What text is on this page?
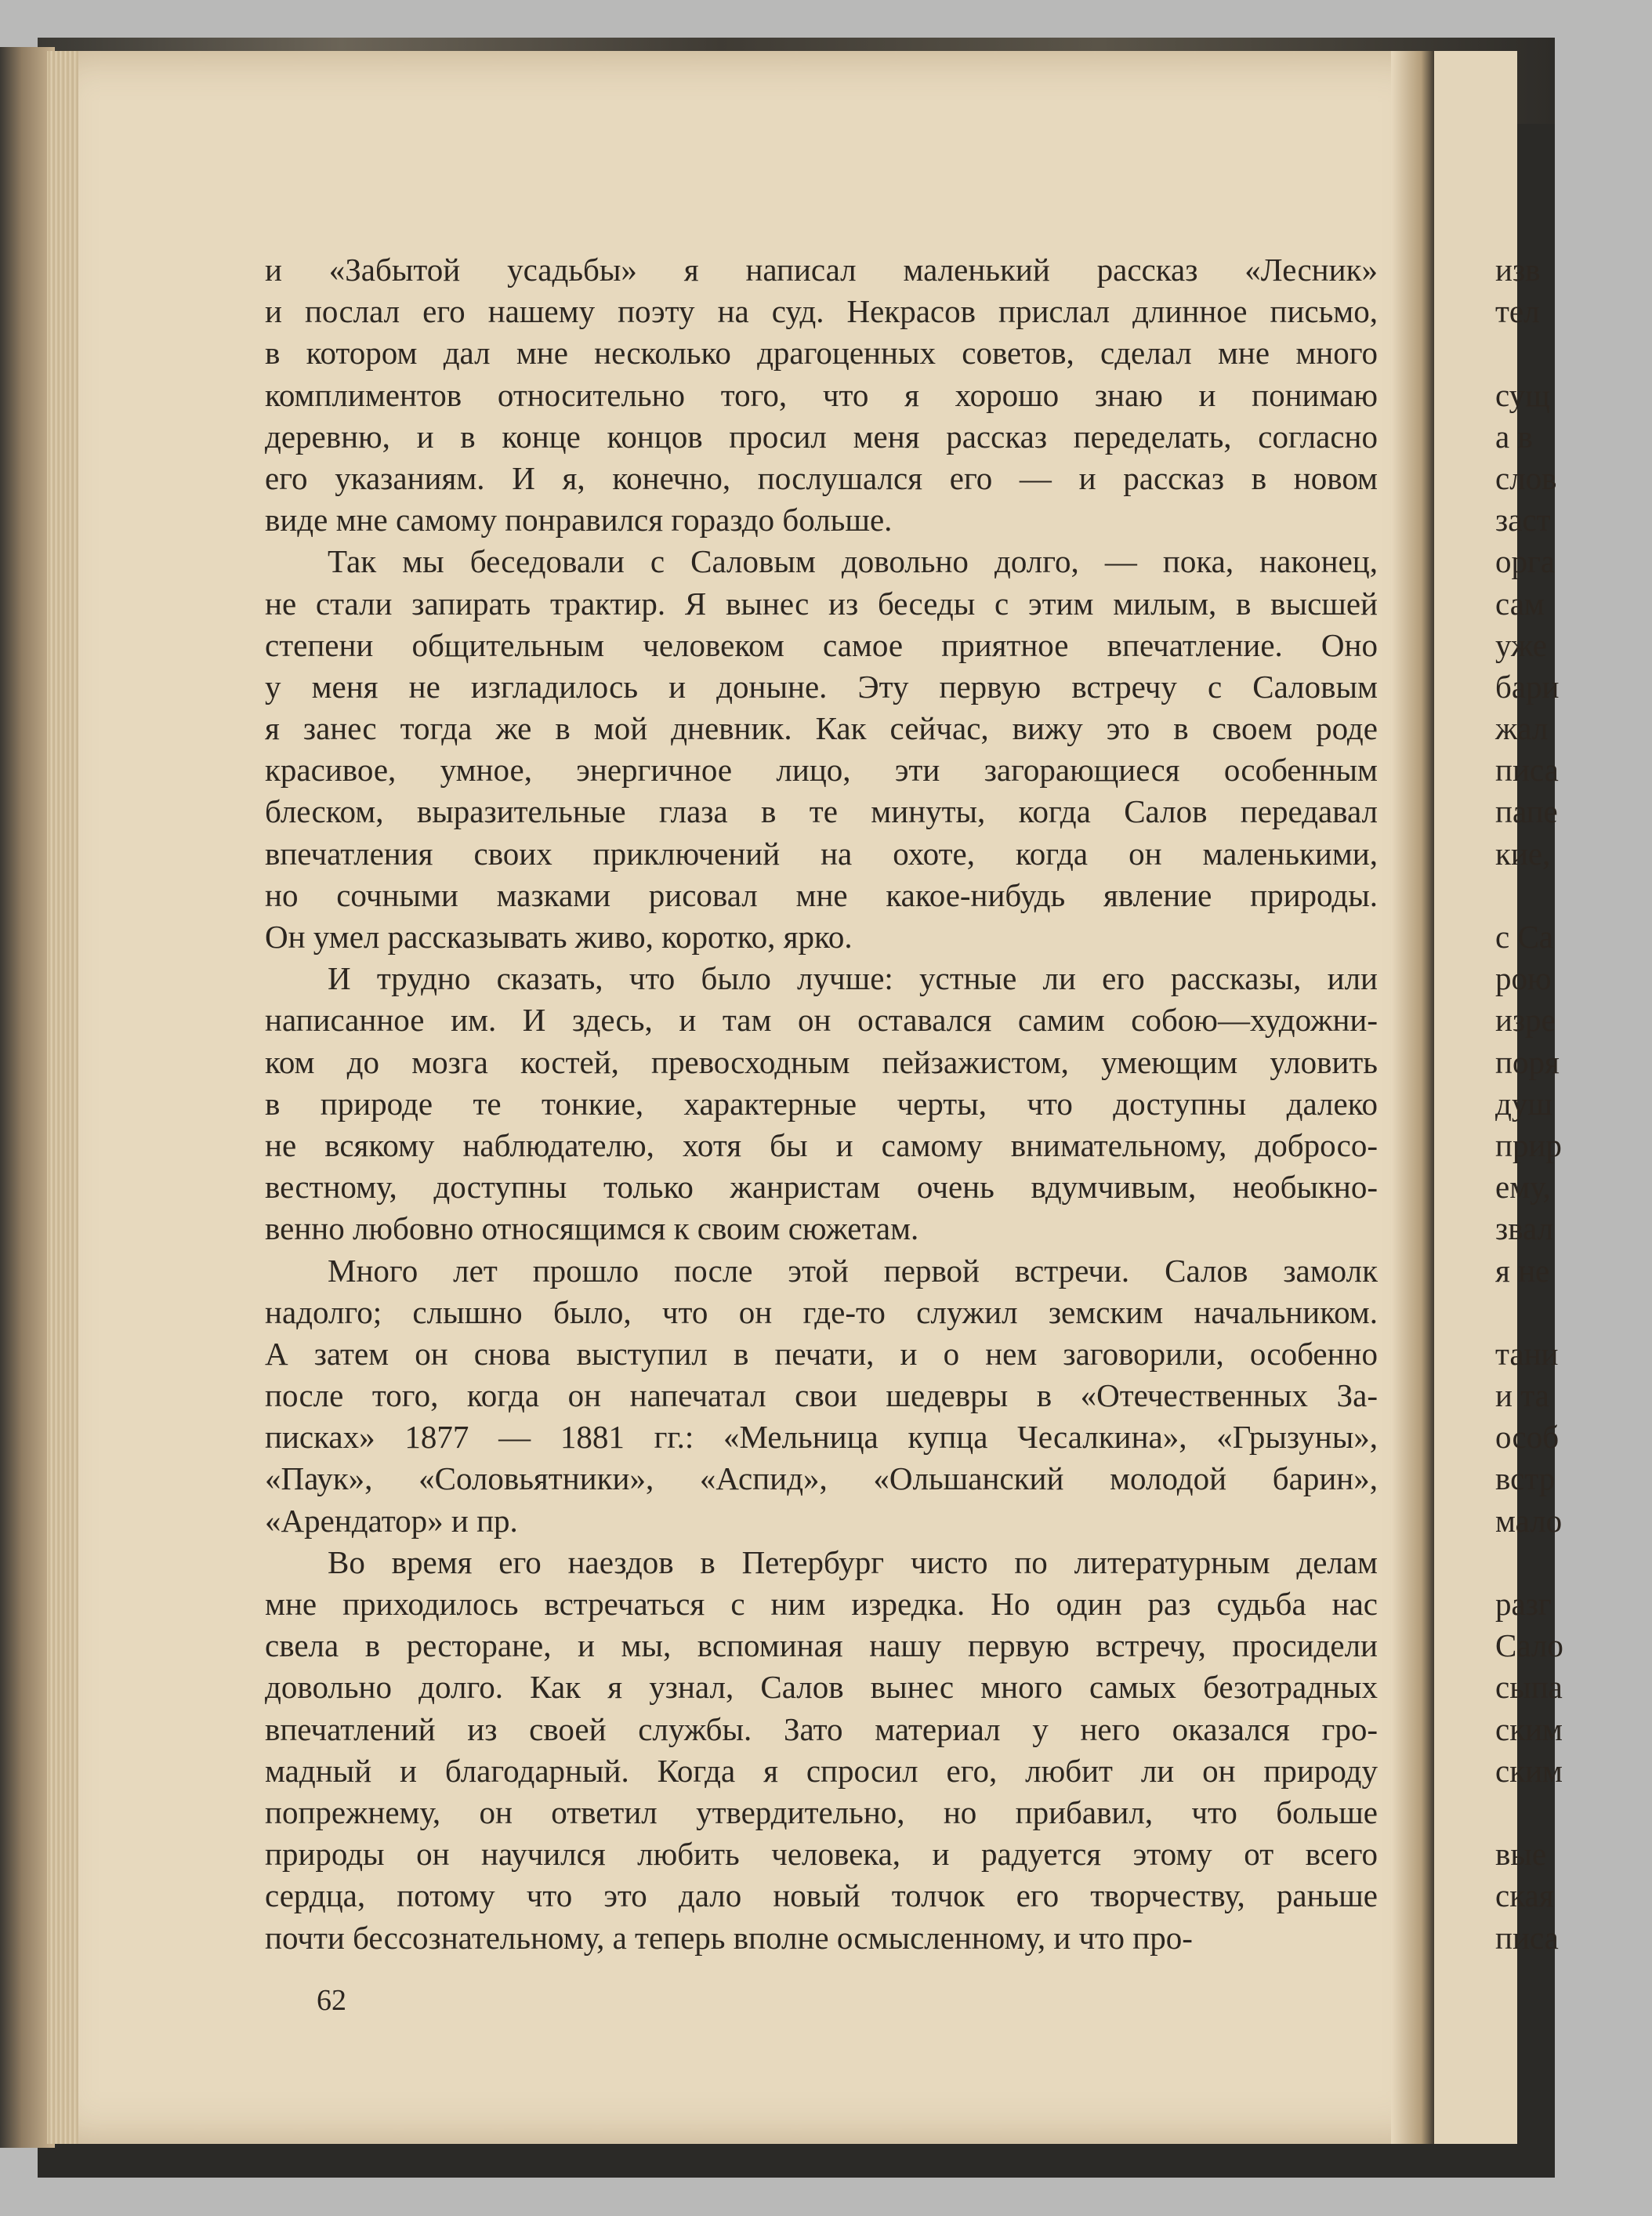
и «Забытой усадьбы» я написал маленький рассказ «Лесник»
и послал его нашему поэту на суд. Некрасов прислал длинное письмо,
в котором дал мне несколько драгоценных советов, сделал мне много
комплиментов относительно того, что я хорошо знаю и понимаю
деревню, и в конце концов просил меня рассказ переделать, согласно
его указаниям. И я, конечно, послушался его — и рассказ в новом
виде мне самому понравился гораздо больше.
Так мы беседовали с Саловым довольно долго, — пока, наконец,
не стали запирать трактир. Я вынес из беседы с этим милым, в высшей
степени общительным человеком самое приятное впечатление. Оно
у меня не изгладилось и доныне. Эту первую встречу с Саловым
я занес тогда же в мой дневник. Как сейчас, вижу это в своем роде
красивое, умное, энергичное лицо, эти загорающиеся особенным
блеском, выразительные глаза в те минуты, когда Салов передавал
впечатления своих приключений на охоте, когда он маленькими,
но сочными мазками рисовал мне какое-нибудь явление природы.
Он умел рассказывать живо, коротко, ярко.
И трудно сказать, что было лучше: устные ли его рассказы, или
написанное им. И здесь, и там он оставался самим собою—художни-
ком до мозга костей, превосходным пейзажистом, умеющим уловить
в природе те тонкие, характерные черты, что доступны далеко
не всякому наблюдателю, хотя бы и самому внимательному, добросо-
вестному, доступны только жанристам очень вдумчивым, необыкно-
венно любовно относящимся к своим сюжетам.
Много лет прошло после этой первой встречи. Салов замолк
надолго; слышно было, что он где-то служил земским начальником.
А затем он снова выступил в печати, и о нем заговорили, особенно
после того, когда он напечатал свои шедевры в «Отечественных За-
писках» 1877 — 1881 гг.: «Мельница купца Чесалкина», «Грызуны»,
«Паук», «Соловьятники», «Аспид», «Ольшанский молодой барин»,
«Арендатор» и пр.
Во время его наездов в Петербург чисто по литературным делам
мне приходилось встречаться с ним изредка. Но один раз судьба нас
свела в ресторане, и мы, вспоминая нашу первую встречу, просидели
довольно долго. Как я узнал, Салов вынес много самых безотрадных
впечатлений из своей службы. Зато материал у него оказался гро-
мадный и благодарный. Когда я спросил его, любит ли он природу
попрежнему, он ответил утвердительно, но прибавил, что больше
природы он научился любить человека, и радуется этому от всего
сердца, потому что это дало новый толчок его творчеству, раньше
почти бессознательному, а теперь вполне осмысленному, и что про-
62
изв
тел
сущ
а в
слов
заст
орга
сам
уже
бари
жал
писа
папе
кие,
с Са
рою
изре
поря
душ
прир
ему,
звал
я не
тани
и та
особ
встр
мало
разг
Сало
сыпа
ским
ским
вые
ская
писа
